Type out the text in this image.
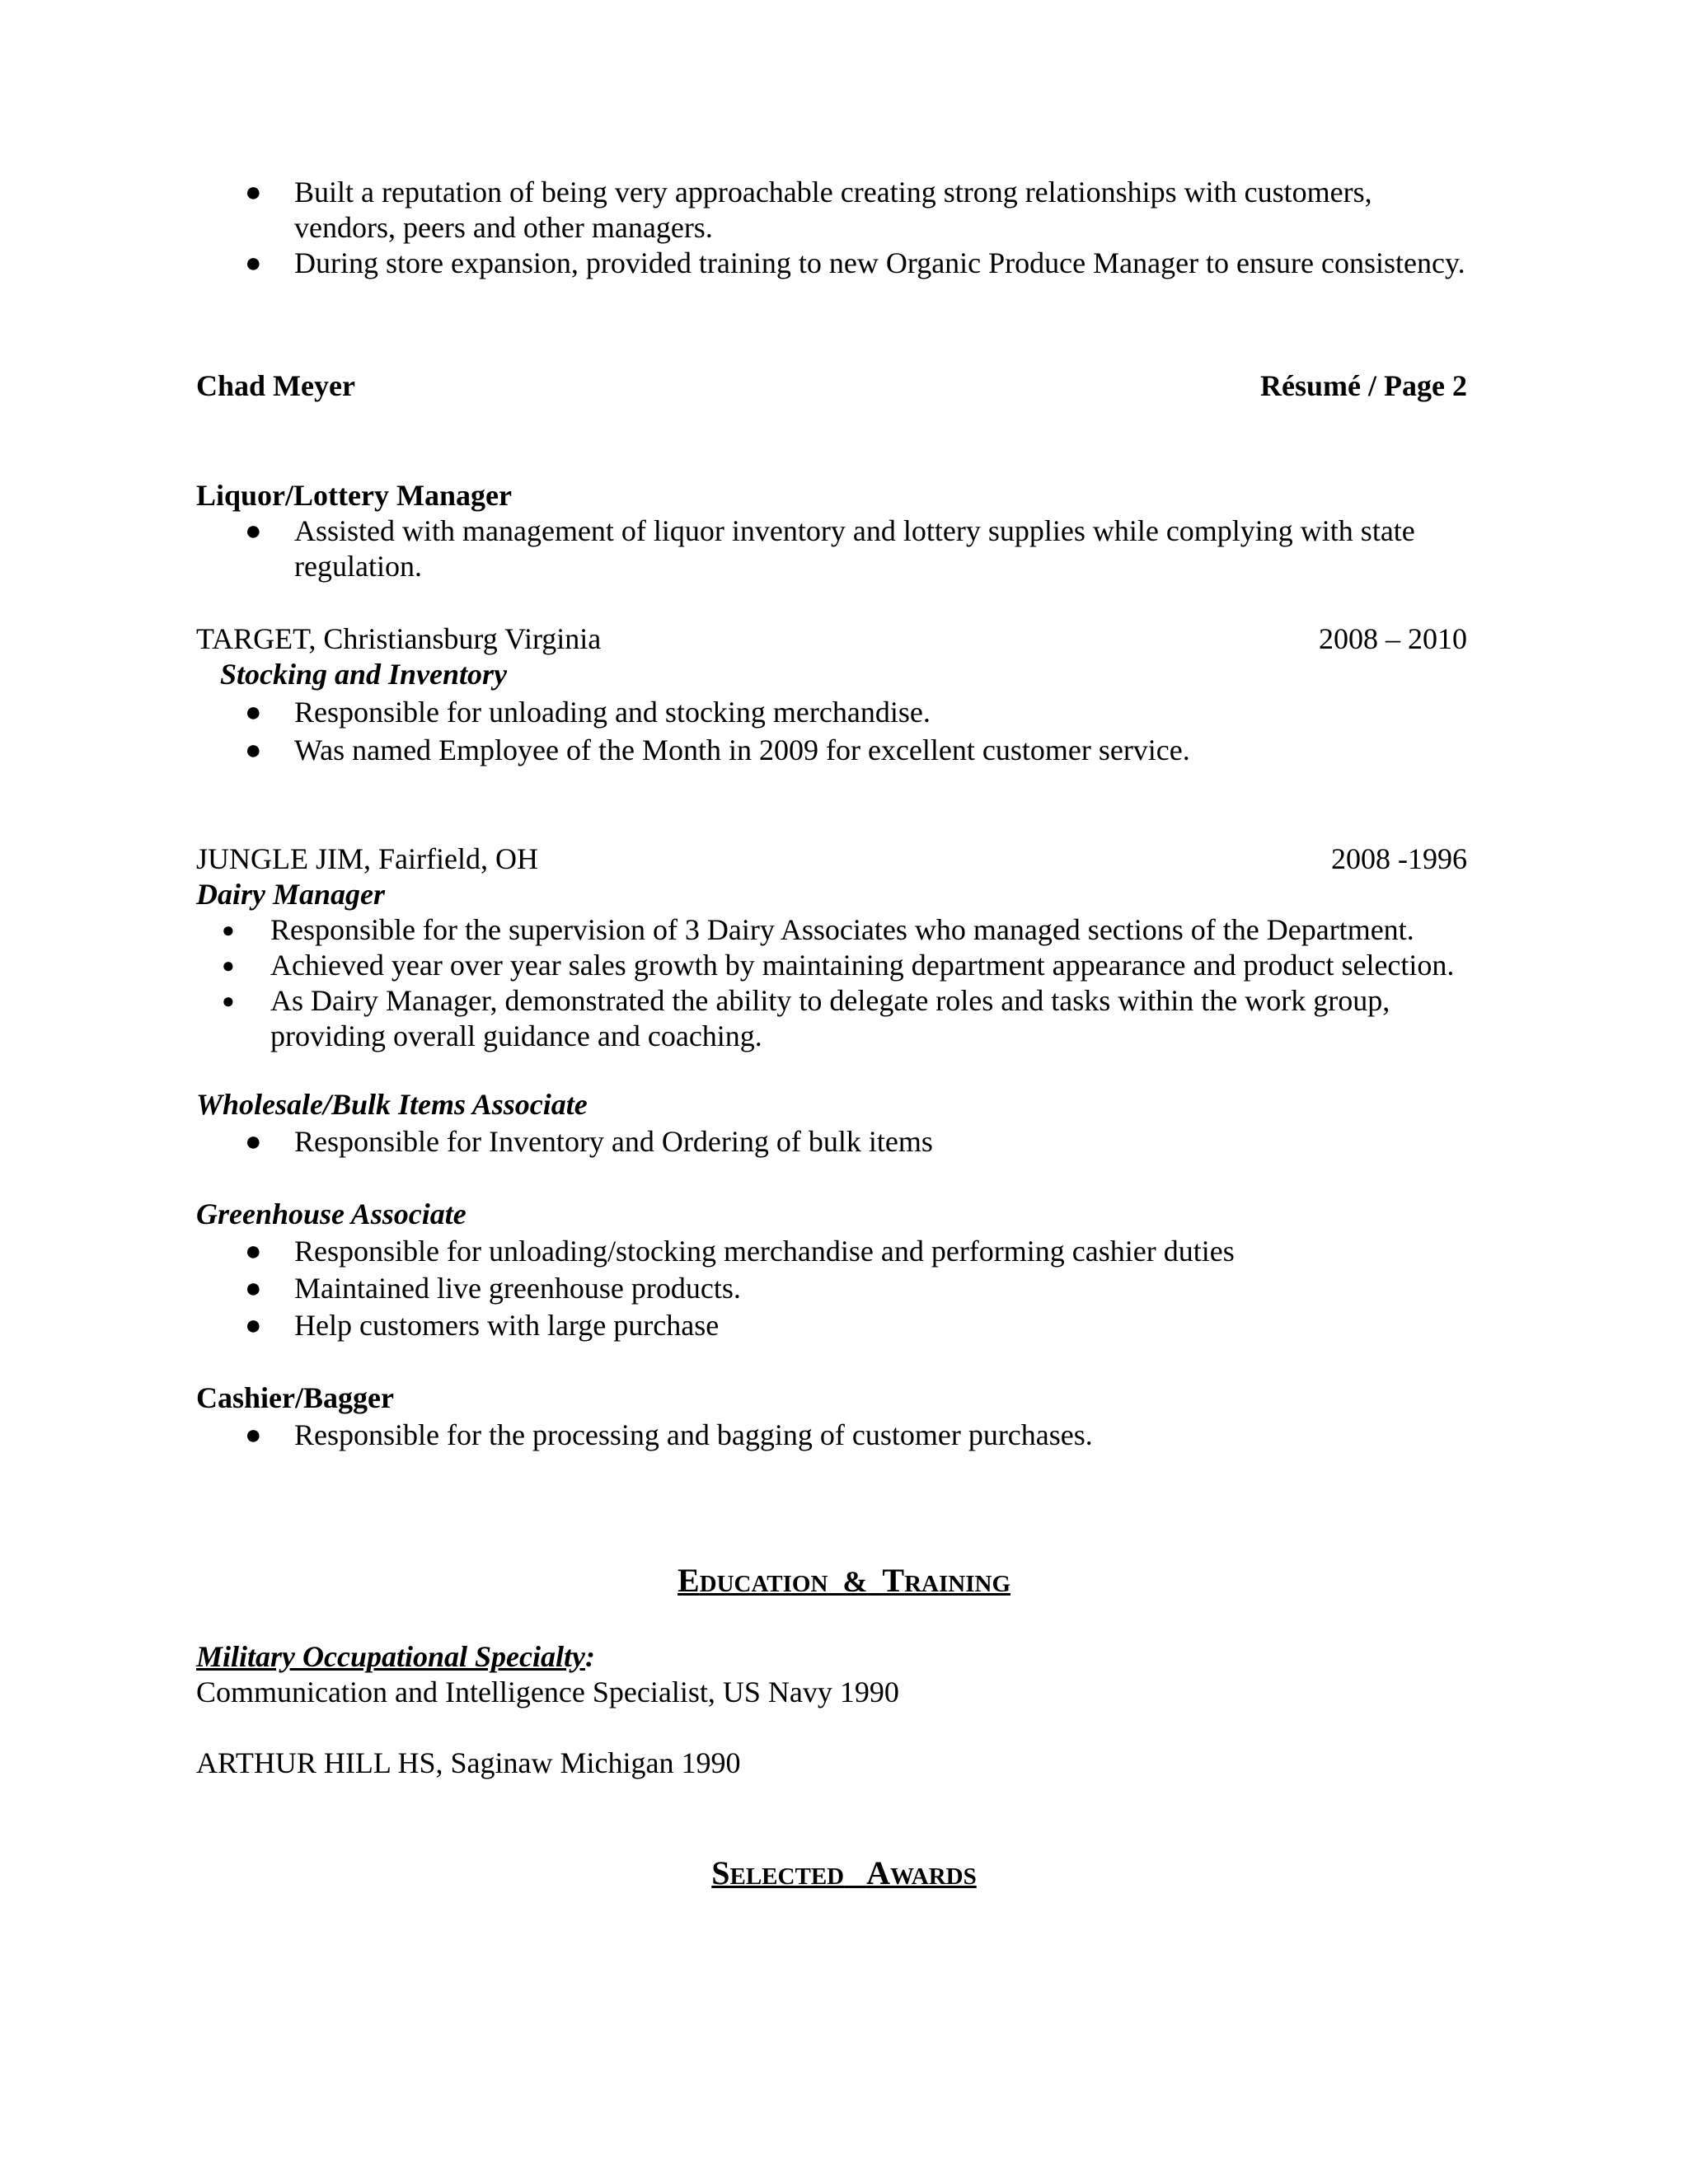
● Built a reputation of being very approachable creating strong relationships with customers, vendors, peers and other managers.
● During store expansion, provided training to new Organic Produce Manager to ensure consistency.
Chad Meyer	Résumé / Page 2
Liquor/Lottery Manager
● Assisted with management of liquor inventory and lottery supplies while complying with state regulation.
TARGET, Christiansburg Virginia	2008 – 2010
Stocking and Inventory
● Responsible for unloading and stocking merchandise.
● Was named Employee of the Month in 2009 for excellent customer service.
JUNGLE JIM, Fairfield, OH	2008 -1996
Dairy Manager
● Responsible for the supervision of 3 Dairy Associates who managed sections of the Department.
● Achieved year over year sales growth by maintaining department appearance and product selection.
● As Dairy Manager, demonstrated the ability to delegate roles and tasks within the work group, providing overall guidance and coaching.
Wholesale/Bulk Items Associate
● Responsible for Inventory and Ordering of bulk items
Greenhouse Associate
● Responsible for unloading/stocking merchandise and performing cashier duties
● Maintained live greenhouse products.
● Help customers with large purchase
Cashier/Bagger
● Responsible for the processing and bagging of customer purchases.
EDUCATION & TRAINING
Military Occupational Specialty:
Communication and Intelligence Specialist, US Navy 1990
ARTHUR HILL HS, Saginaw Michigan 1990
SELECTED AWARDS
